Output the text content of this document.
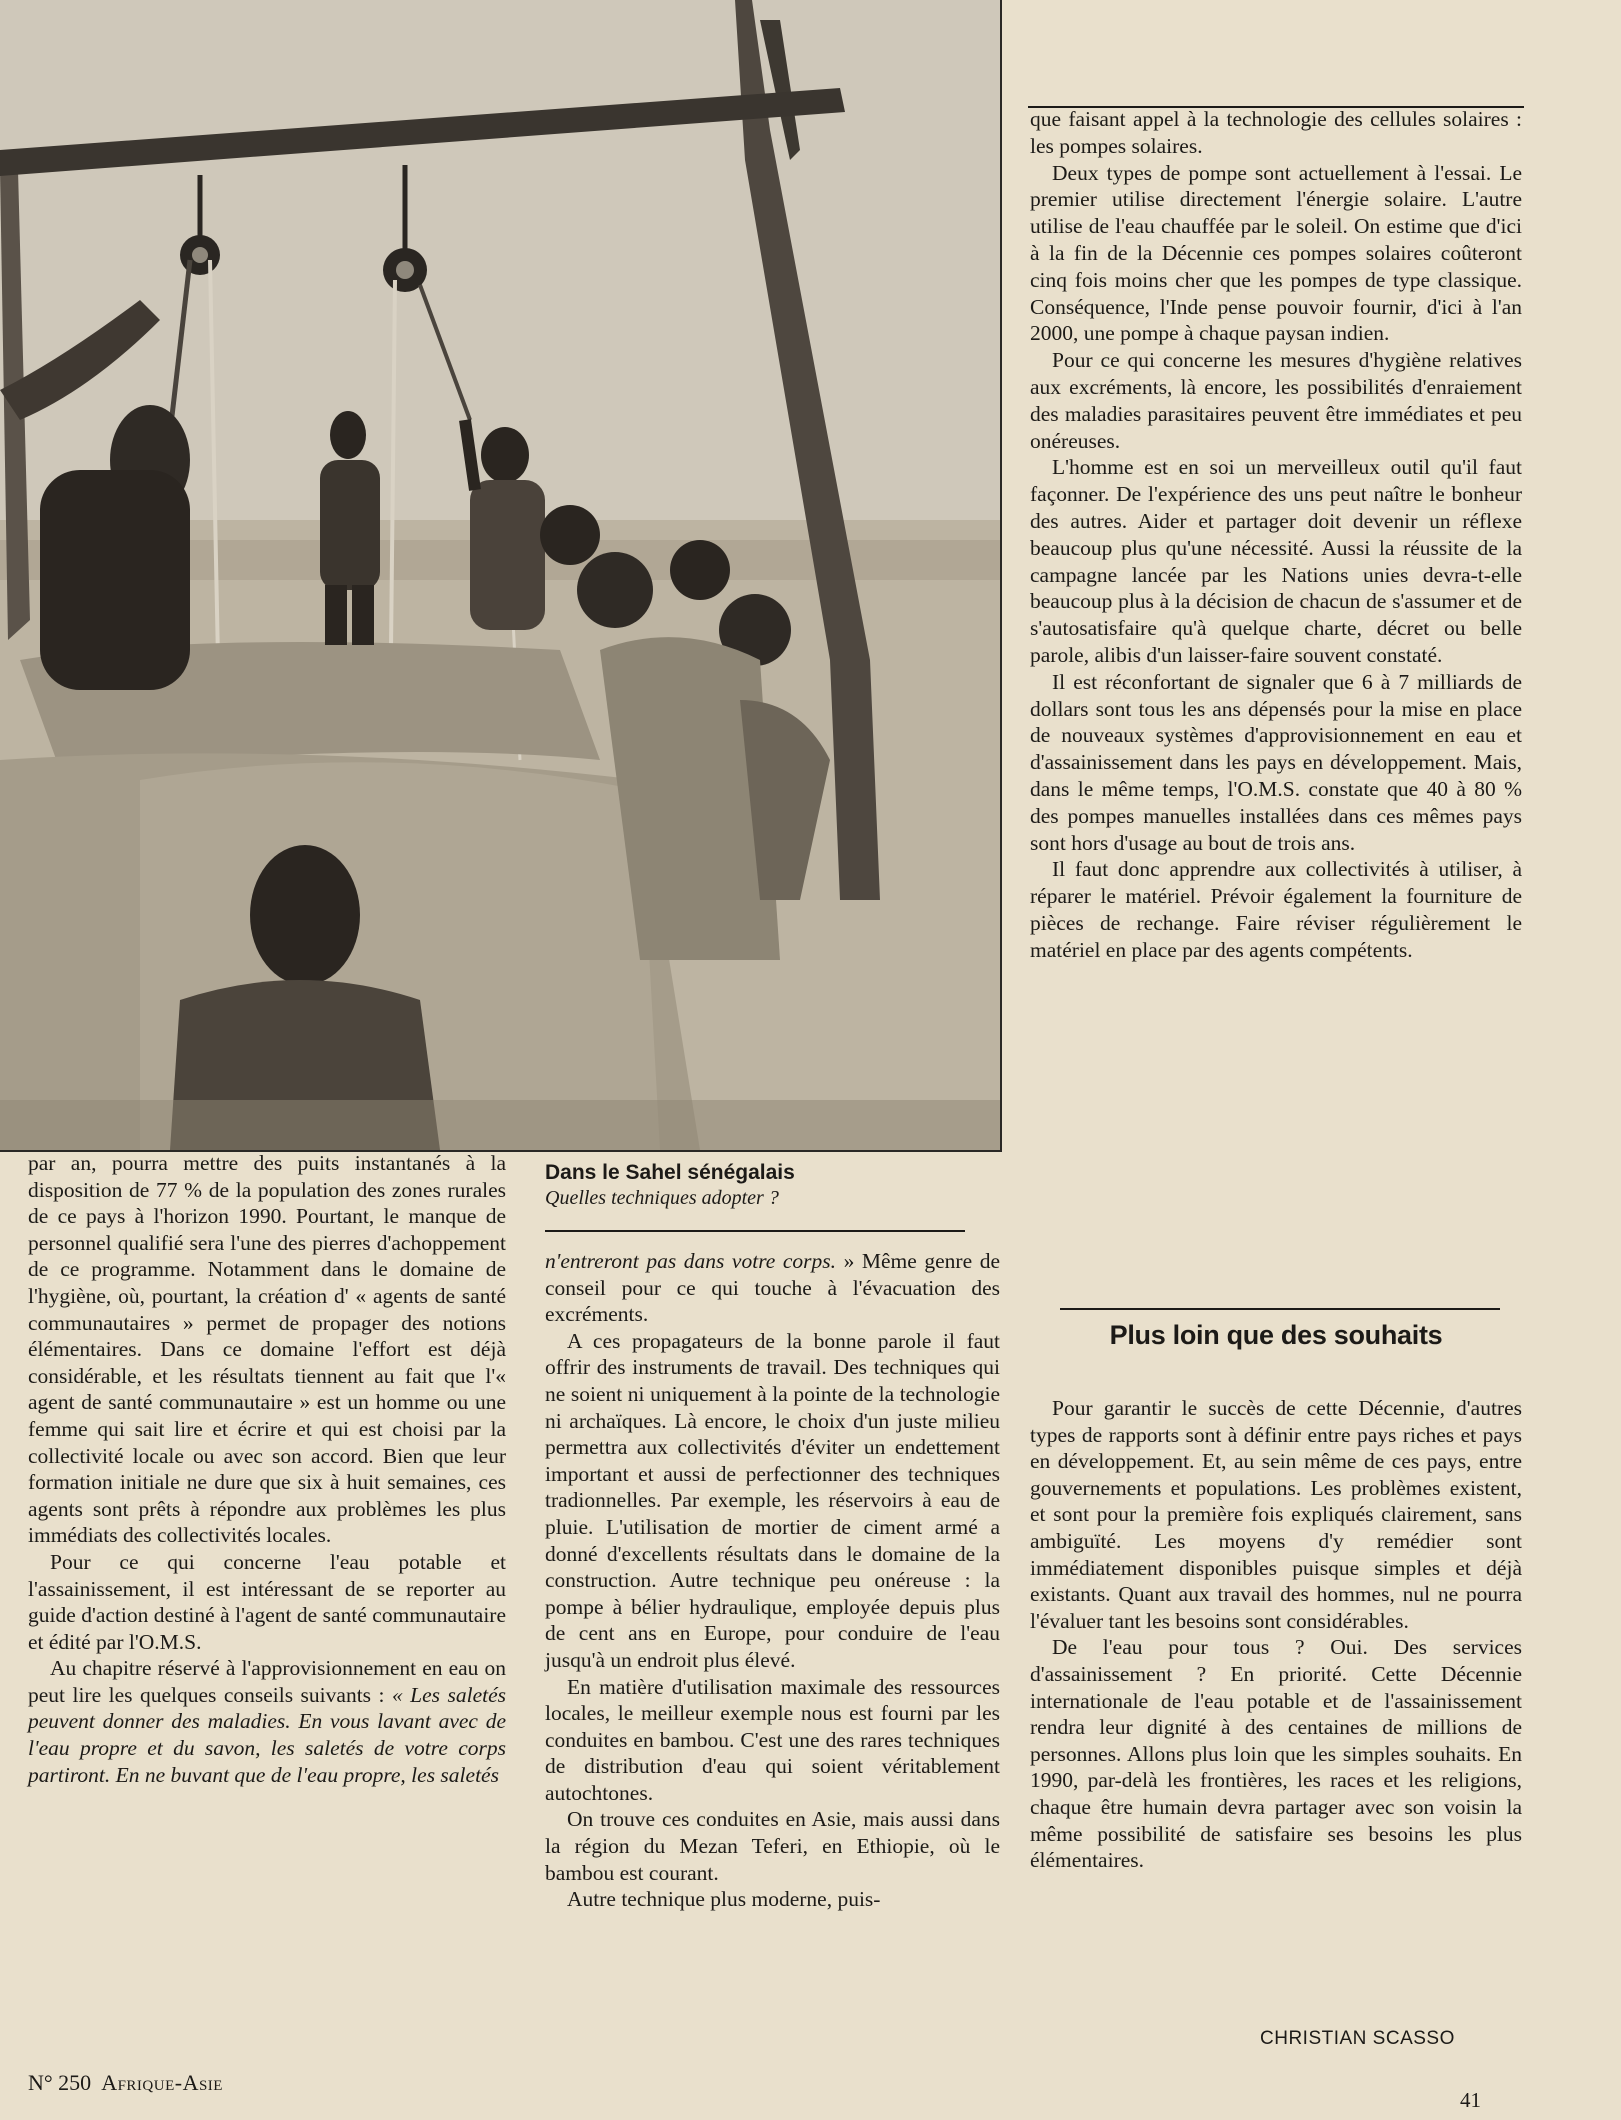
que faisant appel à la technologie des cellules solaires : les pompes solaires.

Deux types de pompe sont actuellement à l'essai. Le premier utilise directement l'énergie solaire. L'autre utilise de l'eau chauffée par le soleil. On estime que d'ici à la fin de la Décennie ces pompes solaires coûteront cinq fois moins cher que les pompes de type classique. Conséquence, l'Inde pense pouvoir fournir, d'ici à l'an 2000, une pompe à chaque paysan indien.

Pour ce qui concerne les mesures d'hygiène relatives aux excréments, là encore, les possibilités d'enraiement des maladies parasitaires peuvent être immédiates et peu onéreuses.

L'homme est en soi un merveilleux outil qu'il faut façonner. De l'expérience des uns peut naître le bonheur des autres. Aider et partager doit devenir un réflexe beaucoup plus qu'une nécessité. Aussi la réussite de la campagne lancée par les Nations unies devra-t-elle beaucoup plus à la décision de chacun de s'assumer et de s'autosatisfaire qu'à quelque charte, décret ou belle parole, alibis d'un laisser-faire souvent constaté.

Il est réconfortant de signaler que 6 à 7 milliards de dollars sont tous les ans dépensés pour la mise en place de nouveaux systèmes d'approvisionnement en eau et d'assainissement dans les pays en développement. Mais, dans le même temps, l'O.M.S. constate que 40 à 80 % des pompes manuelles installées dans ces mêmes pays sont hors d'usage au bout de trois ans.

Il faut donc apprendre aux collectivités à utiliser, à réparer le matériel. Prévoir également la fourniture de pièces de rechange. Faire réviser régulièrement le matériel en place par des agents compétents.

Dans le Sahel sénégalais
Quelles techniques adopter ?

par an, pourra mettre des puits instantanés à la disposition de 77 % de la population des zones rurales de ce pays à l'horizon 1990. Pourtant, le manque de personnel qualifié sera l'une des pierres d'achoppement de ce programme. Notamment dans le domaine de l'hygiène, où, pourtant, la création d' « agents de santé communautaires » permet de propager des notions élémentaires. Dans ce domaine l'effort est déjà considérable, et les résultats tiennent au fait que l'« agent de santé communautaire » est un homme ou une femme qui sait lire et écrire et qui est choisi par la collectivité locale ou avec son accord. Bien que leur formation initiale ne dure que six à huit semaines, ces agents sont prêts à répondre aux problèmes les plus immédiats des collectivités locales.

Pour ce qui concerne l'eau potable et l'assainissement, il est intéressant de se reporter au guide d'action destiné à l'agent de santé communautaire et édité par l'O.M.S.

Au chapitre réservé à l'approvisionnement en eau on peut lire les quelques conseils suivants : « Les saletés peuvent donner des maladies. En vous lavant avec de l'eau propre et du savon, les saletés de votre corps partiront. En ne buvant que de l'eau propre, les saletés

n'entreront pas dans votre corps. » Même genre de conseil pour ce qui touche à l'évacuation des excréments.

A ces propagateurs de la bonne parole il faut offrir des instruments de travail. Des techniques qui ne soient ni uniquement à la pointe de la technologie ni archaïques. Là encore, le choix d'un juste milieu permettra aux collectivités d'éviter un endettement important et aussi de perfectionner des techniques tradionnelles. Par exemple, les réservoirs à eau de pluie. L'utilisation de mortier de ciment armé a donné d'excellents résultats dans le domaine de la construction. Autre technique peu onéreuse : la pompe à bélier hydraulique, employée depuis plus de cent ans en Europe, pour conduire de l'eau jusqu'à un endroit plus élevé.

En matière d'utilisation maximale des ressources locales, le meilleur exemple nous est fourni par les conduites en bambou. C'est une des rares techniques de distribution d'eau qui soient véritablement autochtones.

On trouve ces conduites en Asie, mais aussi dans la région du Mezan Teferi, en Ethiopie, où le bambou est courant.

Autre technique plus moderne, puis-

Plus loin que des souhaits

Pour garantir le succès de cette Décennie, d'autres types de rapports sont à définir entre pays riches et pays en développement. Et, au sein même de ces pays, entre gouvernements et populations. Les problèmes existent, et sont pour la première fois expliqués clairement, sans ambiguïté. Les moyens d'y remédier sont immédiatement disponibles puisque simples et déjà existants. Quant aux travail des hommes, nul ne pourra l'évaluer tant les besoins sont considérables.

De l'eau pour tous ? Oui. Des services d'assainissement ? En priorité. Cette Décennie internationale de l'eau potable et de l'assainissement rendra leur dignité à des centaines de millions de personnes. Allons plus loin que les simples souhaits. En 1990, par-delà les frontières, les races et les religions, chaque être humain devra partager avec son voisin la même possibilité de satisfaire ses besoins les plus élémentaires.

CHRISTIAN SCASSO
N° 250 Afrique-Asie
41
